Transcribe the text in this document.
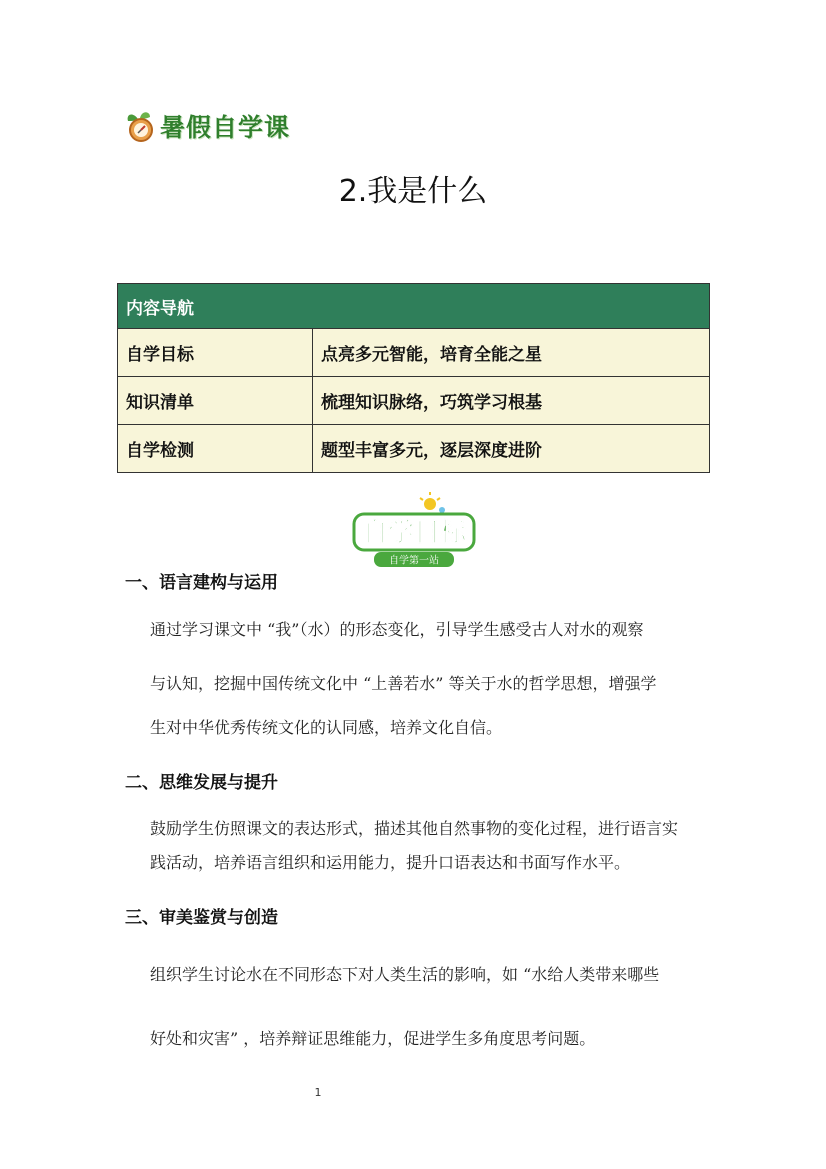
暑假自学课
2.我是什么
内容导航	
自学目标	点亮多元智能，培育全能之星
知识清单	梳理知识脉络，巧筑学习根基
自学检测	题型丰富多元，逐层深度进阶
自学目标
自学第一站
一、语言建构与运用

通过学习课文中 “我”（水）的形态变化，引导学生感受古人对水的观察

与认知，挖掘中国传统文化中 “上善若水” 等关于水的哲学思想，增强学

生对中华优秀传统文化的认同感，培养文化自信。

二、思维发展与提升

鼓励学生仿照课文的表达形式，描述其他自然事物的变化过程，进行语言实

践活动，培养语言组织和运用能力，提升口语表达和书面写作水平。

三、审美鉴赏与创造

组织学生讨论水在不同形态下对人类生活的影响，如 “水给人类带来哪些

好处和灾害” ，培养辩证思维能力，促进学生多角度思考问题。

1
